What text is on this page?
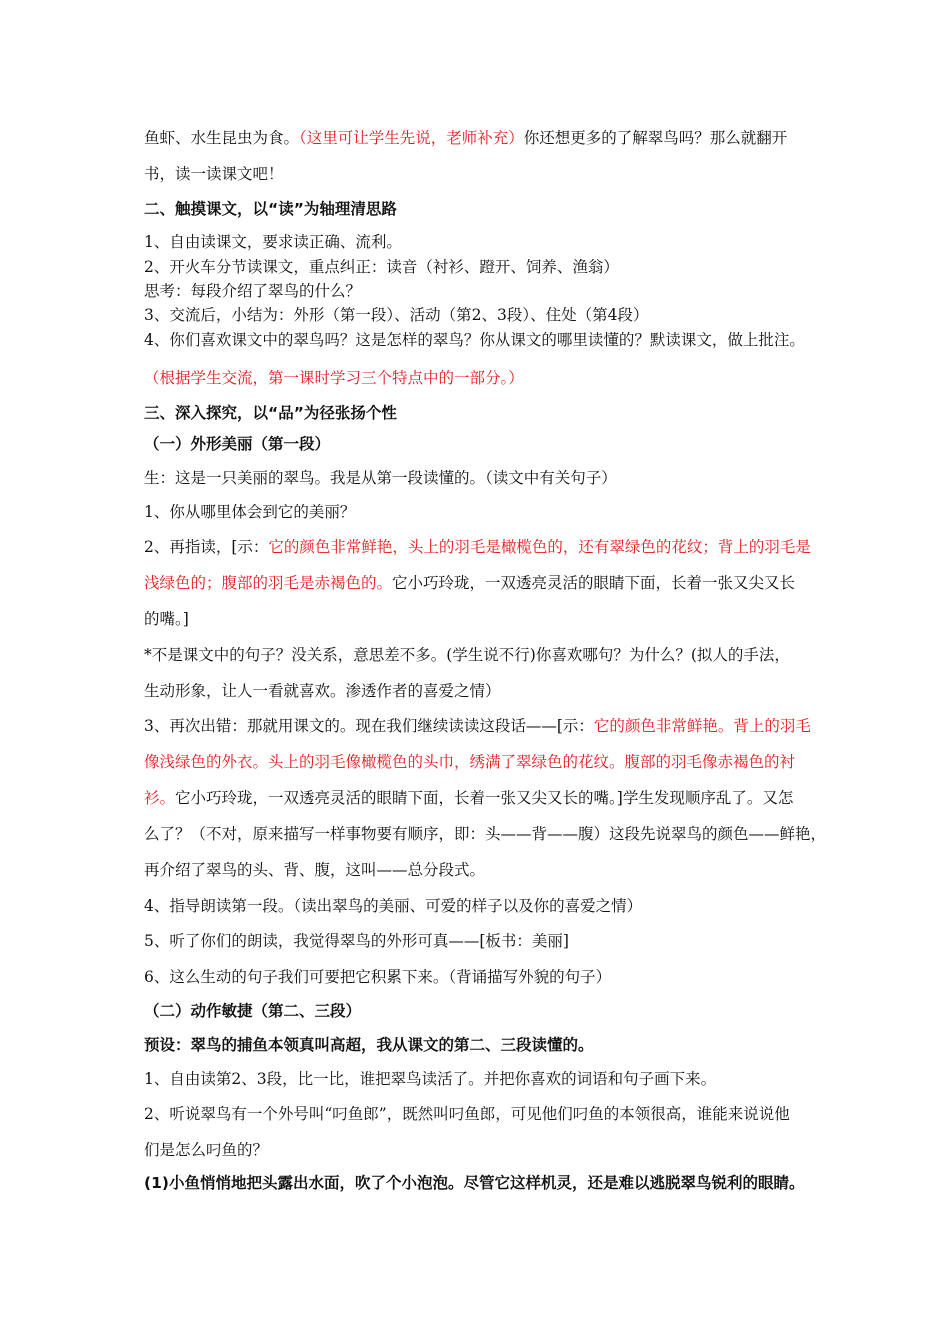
鱼虾、水生昆虫为食。（这里可让学生先说，老师补充）你还想更多的了解翠鸟吗？那么就翻开
书，读一读课文吧！
二、触摸课文，以“读”为轴理清思路
1、自由读课文，要求读正确、流利。
2、开火车分节读课文，重点纠正：读音（衬衫、蹬开、饲养、渔翁）
思考：每段介绍了翠鸟的什么？
3、交流后，小结为：外形（第一段）、活动（第2、3段）、住处（第4段）
4、你们喜欢课文中的翠鸟吗？这是怎样的翠鸟？你从课文的哪里读懂的？默读课文，做上批注。
（根据学生交流，第一课时学习三个特点中的一部分。）
三、深入探究，以“品”为径张扬个性
（一）外形美丽（第一段）
生：这是一只美丽的翠鸟。我是从第一段读懂的。（读文中有关句子）
1、你从哪里体会到它的美丽？
2、再指读，[示：它的颜色非常鲜艳，头上的羽毛是橄榄色的，还有翠绿色的花纹；背上的羽毛是
浅绿色的；腹部的羽毛是赤褐色的。它小巧玲珑，一双透亮灵活的眼睛下面，长着一张又尖又长
的嘴。]
*不是课文中的句子？没关系，意思差不多。(学生说不行)你喜欢哪句？为什么？(拟人的手法，
生动形象，让人一看就喜欢。渗透作者的喜爱之情）
3、再次出错：那就用课文的。现在我们继续读读这段话——[示：它的颜色非常鲜艳。背上的羽毛
像浅绿色的外衣。头上的羽毛像橄榄色的头巾，绣满了翠绿色的花纹。腹部的羽毛像赤褐色的衬
衫。它小巧玲珑，一双透亮灵活的眼睛下面，长着一张又尖又长的嘴。]学生发现顺序乱了。又怎
么了？（不对，原来描写一样事物要有顺序，即：头——背——腹）这段先说翠鸟的颜色——鲜艳，
再介绍了翠鸟的头、背、腹，这叫——总分段式。
4、指导朗读第一段。（读出翠鸟的美丽、可爱的样子以及你的喜爱之情）
5、听了你们的朗读，我觉得翠鸟的外形可真——[板书：美丽]
6、这么生动的句子我们可要把它积累下来。（背诵描写外貌的句子）
（二）动作敏捷（第二、三段）
预设：翠鸟的捕鱼本领真叫高超，我从课文的第二、三段读懂的。
1、自由读第2、3段，比一比，谁把翠鸟读活了。并把你喜欢的词语和句子画下来。
2、听说翠鸟有一个外号叫“叼鱼郎”，既然叫叼鱼郎，可见他们叼鱼的本领很高，谁能来说说他
们是怎么叼鱼的？
(1)小鱼悄悄地把头露出水面，吹了个小泡泡。尽管它这样机灵，还是难以逃脱翠鸟锐利的眼睛。
